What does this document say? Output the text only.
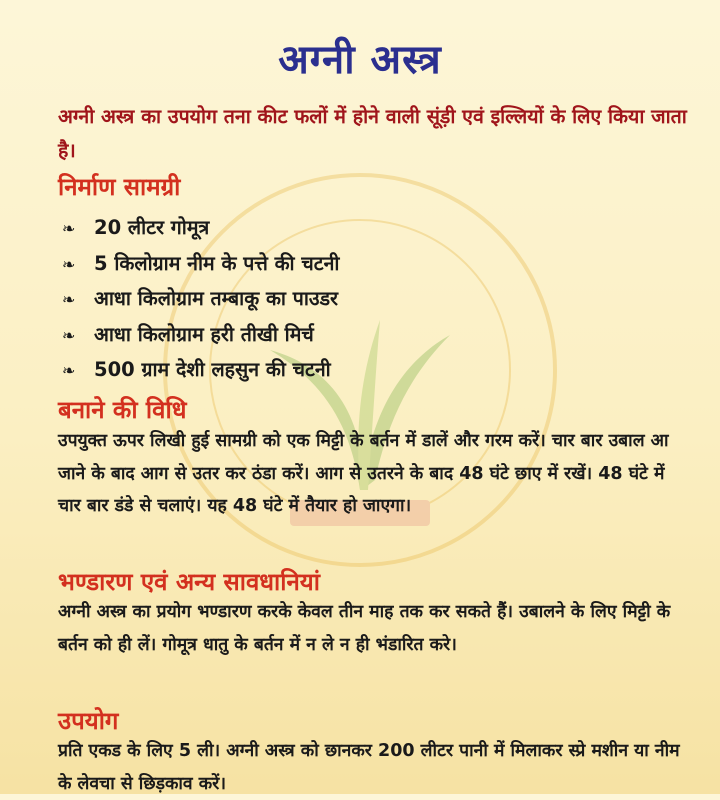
अग्नी अस्त्र
अग्नी अस्त्र का उपयोग तना कीट फलों में होने वाली सूंड़ी एवं इल्लियों के लिए किया जाता है।
निर्माण सामग्री
❧ 20 लीटर गोमूत्र
❧ 5 किलोग्राम नीम के पत्ते की चटनी
❧ आधा किलोग्राम तम्बाकू का पाउडर
❧ आधा किलोग्राम हरी तीखी मिर्च
❧ 500 ग्राम देशी लहसुन की चटनी
बनाने की विधि
उपयुक्त ऊपर लिखी हुई सामग्री को एक मिट्टी के बर्तन में डालें और गरम करें। चार बार उबाल आ जाने के बाद आग से उतर कर ठंडा करें। आग से उतरने के बाद 48 घंटे छाए में रखें। 48 घंटे में चार बार डंडे से चलाएं। यह 48 घंटे में तैयार हो जाएगा।
भण्डारण एवं अन्य सावधानियां
अग्नी अस्त्र का प्रयोग भण्डारण करके केवल तीन माह तक कर सकते हैं। उबालने के लिए मिट्टी के बर्तन को ही लें। गोमूत्र धातु के बर्तन में न ले न ही भंडारित करे।
उपयोग
प्रति एकड के लिए 5 ली। अग्नी अस्त्र को छानकर 200 लीटर पानी में मिलाकर स्प्रे मशीन या नीम के लेवचा से छिड़काव करें।
